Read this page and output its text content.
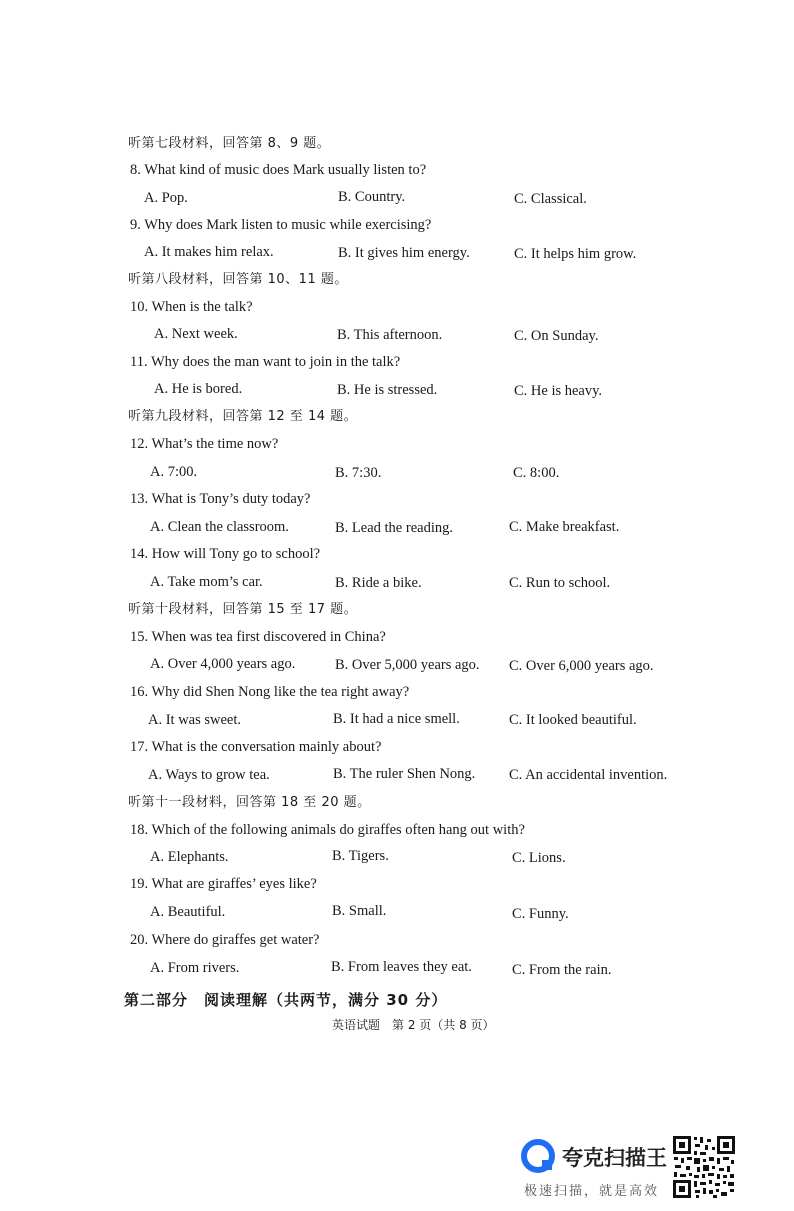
听第七段材料，回答第 8、9 题。
听第八段材料，回答第 10、11 题。
听第九段材料，回答第 12 至 14 题。
听第十段材料，回答第 15 至 17 题。
听第十一段材料，回答第 18 至 20 题。
8. What kind of music does Mark usually listen to?
A. Pop.	B. Country.	C. Classical.
9. Why does Mark listen to music while exercising?
A. It makes him relax.	B. It gives him energy.	C. It helps him grow.
10. When is the talk?
A. Next week.	B. This afternoon.	C. On Sunday.
11. Why does the man want to join in the talk?
A. He is bored.	B. He is stressed.	C. He is heavy.
12. What’s the time now?
A. 7:00.	B. 7:30.	C. 8:00.
13. What is Tony’s duty today?
A. Clean the classroom.	B. Lead the reading.	C. Make breakfast.
14. How will Tony go to school?
A. Take mom’s car.	B. Ride a bike.	C. Run to school.
15. When was tea first discovered in China?
A. Over 4,000 years ago.	B. Over 5,000 years ago. C. Over 6,000 years ago.
16. Why did Shen Nong like the tea right away?
A. It was sweet.	B. It had a nice smell.	C. It looked beautiful.
17. What is the conversation mainly about?
A. Ways to grow tea.	B. The ruler Shen Nong. C. An accidental invention.
18. Which of the following animals do giraffes often hang out with?
A. Elephants.	B. Tigers.	C. Lions.
19. What are giraffes’ eyes like?
A. Beautiful.	B. Small.	C. Funny.
20. Where do giraffes get water?
A. From rivers.	B. From leaves they eat.	C. From the rain.
第二部分　阅读理解（共两节，满分 30 分）
英语试题　第 2 页（共 8 页）
夸克扫描王
极速扫描，就是高效
